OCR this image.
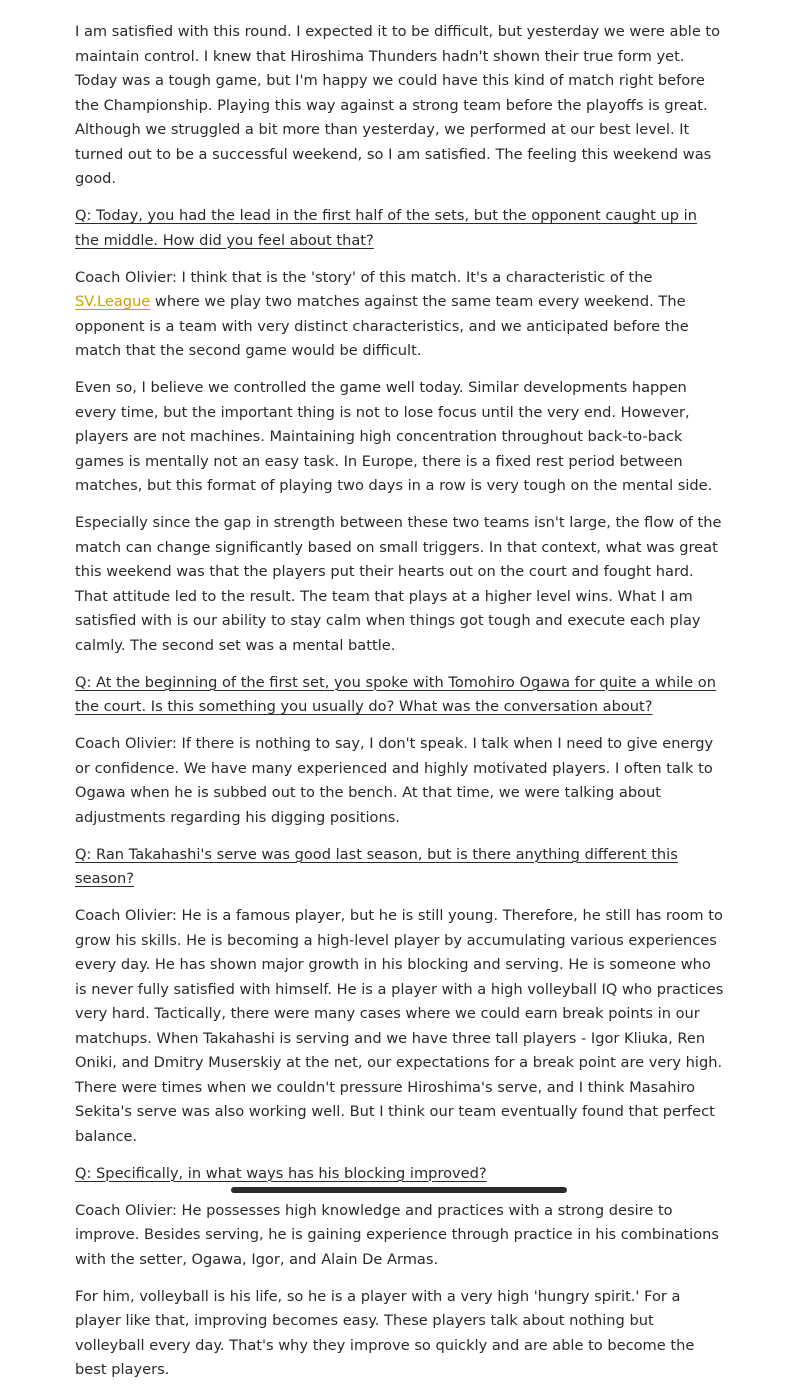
I am satisfied with this round. I expected it to be difficult, but yesterday we were able to maintain control. I knew that Hiroshima Thunders hadn't shown their true form yet. Today was a tough game, but I'm happy we could have this kind of match right before the Championship. Playing this way against a strong team before the playoffs is great. Although we struggled a bit more than yesterday, we performed at our best level. It turned out to be a successful weekend, so I am satisfied. The feeling this weekend was good.

Q: Today, you had the lead in the first half of the sets, but the opponent caught up in the middle. How did you feel about that?

Coach Olivier: I think that is the 'story' of this match. It's a characteristic of the SV.League where we play two matches against the same team every weekend. The opponent is a team with very distinct characteristics, and we anticipated before the match that the second game would be difficult.

Even so, I believe we controlled the game well today. Similar developments happen every time, but the important thing is not to lose focus until the very end. However, players are not machines. Maintaining high concentration throughout back-to-back games is mentally not an easy task. In Europe, there is a fixed rest period between matches, but this format of playing two days in a row is very tough on the mental side.

Especially since the gap in strength between these two teams isn't large, the flow of the match can change significantly based on small triggers. In that context, what was great this weekend was that the players put their hearts out on the court and fought hard. That attitude led to the result. The team that plays at a higher level wins. What I am satisfied with is our ability to stay calm when things got tough and execute each play calmly. The second set was a mental battle.

Q: At the beginning of the first set, you spoke with Tomohiro Ogawa for quite a while on the court. Is this something you usually do? What was the conversation about?

Coach Olivier: If there is nothing to say, I don't speak. I talk when I need to give energy or confidence. We have many experienced and highly motivated players. I often talk to Ogawa when he is subbed out to the bench. At that time, we were talking about adjustments regarding his digging positions.

Q: Ran Takahashi's serve was good last season, but is there anything different this season?

Coach Olivier: He is a famous player, but he is still young. Therefore, he still has room to grow his skills. He is becoming a high-level player by accumulating various experiences every day. He has shown major growth in his blocking and serving. He is someone who is never fully satisfied with himself. He is a player with a high volleyball IQ who practices very hard. Tactically, there were many cases where we could earn break points in our matchups. When Takahashi is serving and we have three tall players - Igor Kliuka, Ren Oniki, and Dmitry Muserskiy at the net, our expectations for a break point are very high. There were times when we couldn't pressure Hiroshima's serve, and I think Masahiro Sekita's serve was also working well. But I think our team eventually found that perfect balance.

Q: Specifically, in what ways has his blocking improved?

Coach Olivier: He possesses high knowledge and practices with a strong desire to improve. Besides serving, he is gaining experience through practice in his combinations with the setter, Ogawa, Igor, and Alain De Armas.

For him, volleyball is his life, so he is a player with a very high 'hungry spirit.' For a player like that, improving becomes easy. These players talk about nothing but volleyball every day. That's why they improve so quickly and are able to become the best players.
